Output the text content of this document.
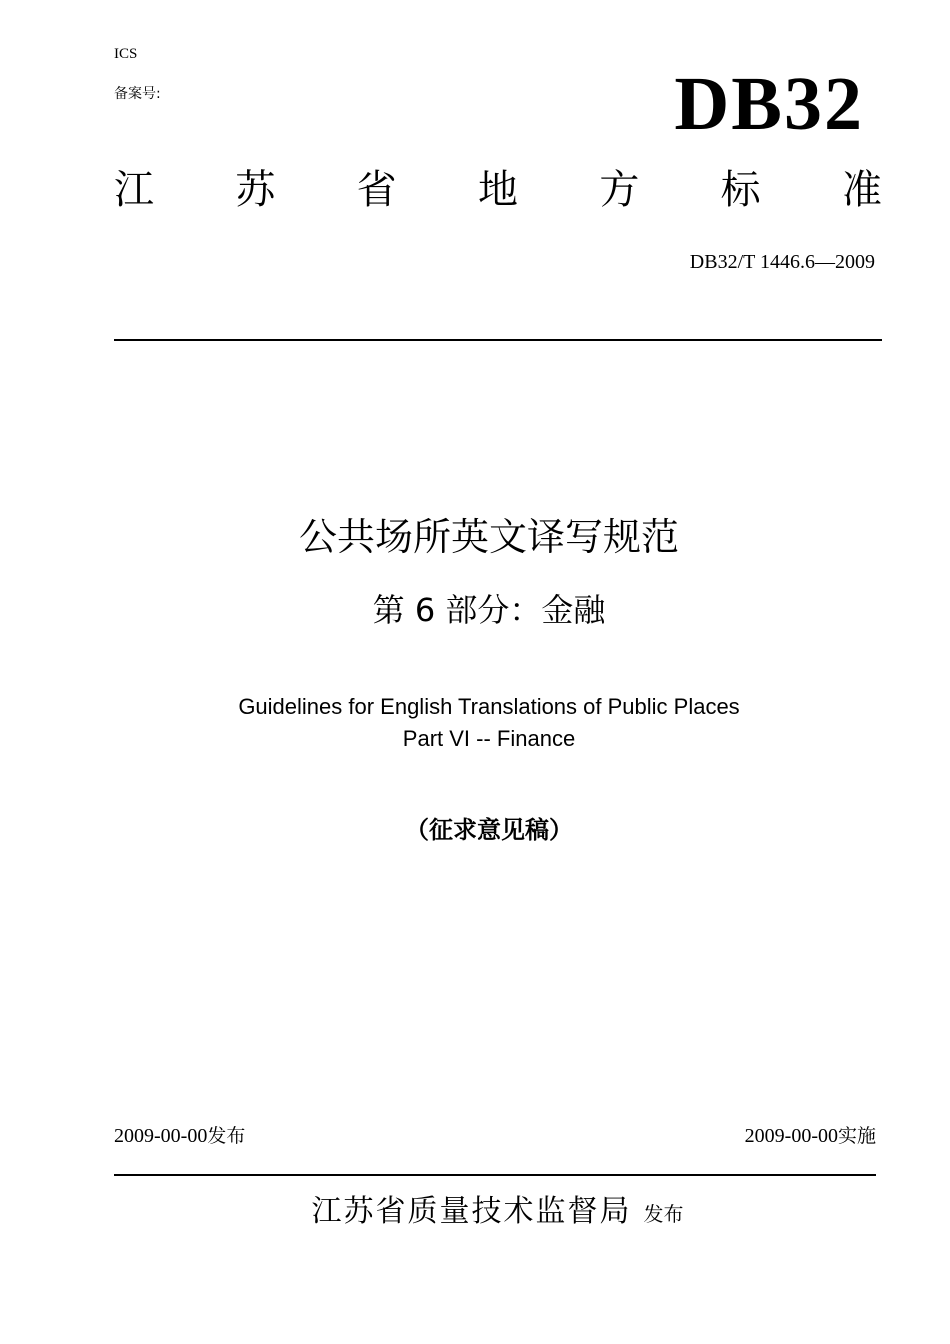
ICS
备案号:	DB32
江 苏 省 地 方 标 准
DB32/T 1446.6—2009
公共场所英文译写规范
第 6 部分：金融
Guidelines for English Translations of Public Places
Part VI -- Finance
（征求意见稿）
2009-00-00发布	2009-00-00实施
江苏省质量技术监督局 发布
